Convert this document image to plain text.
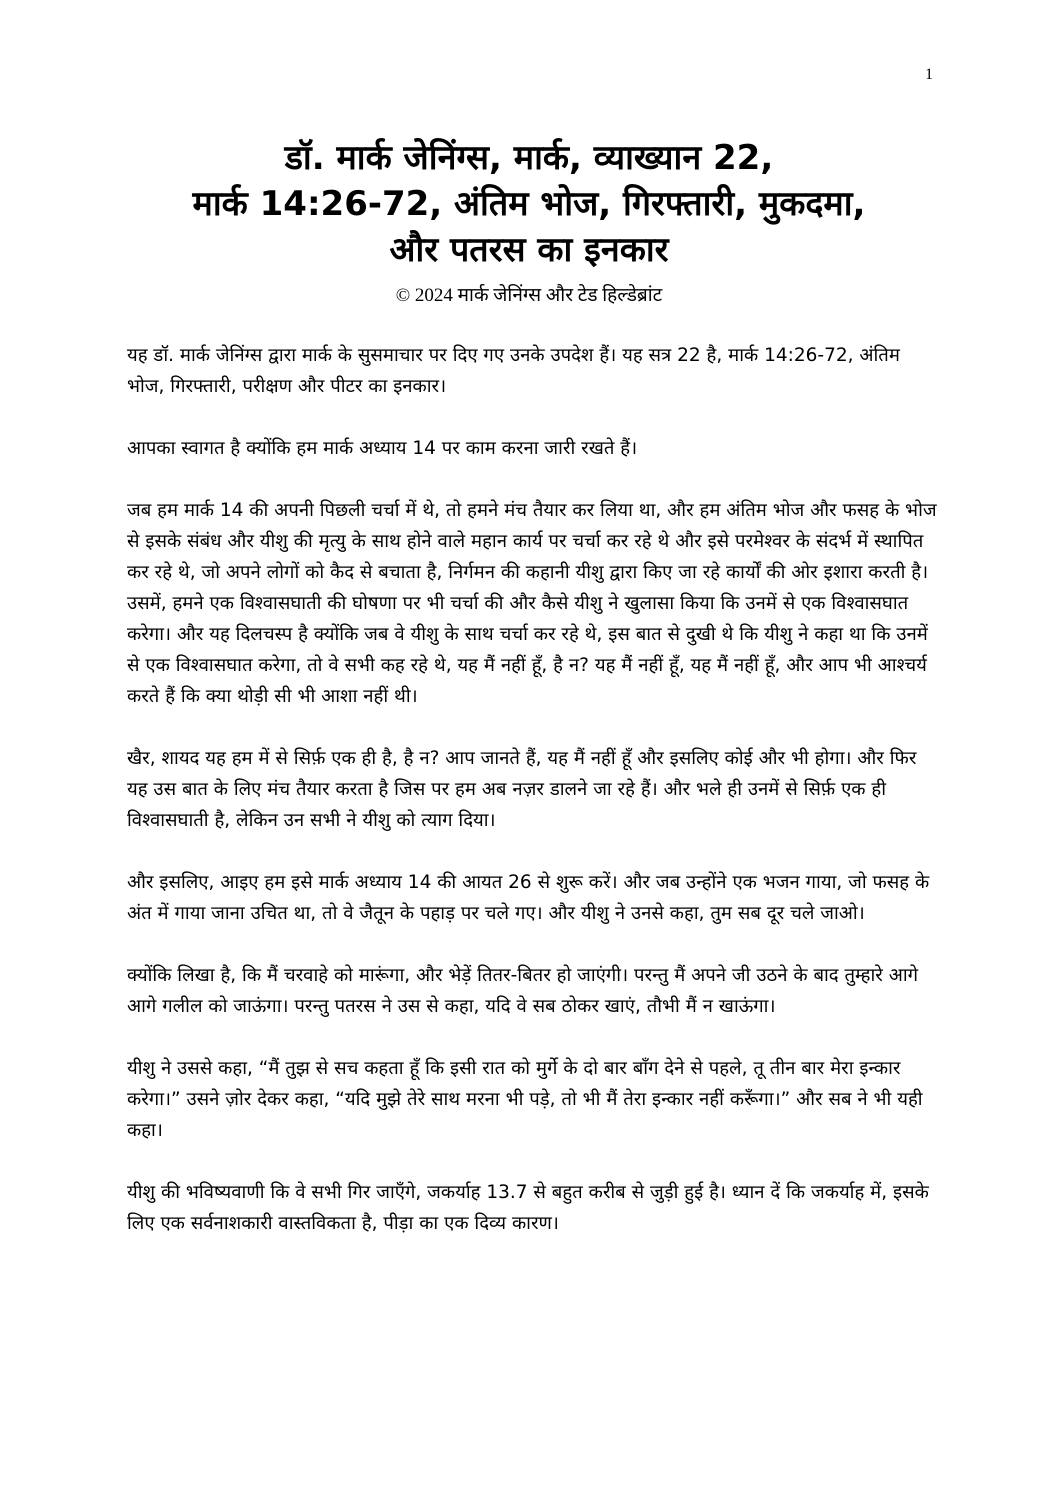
1
डॉ. मार्क जेनिंग्स, मार्क, व्याख्यान 22,
मार्क 14:26-72, अंतिम भोज, गिरफ्तारी, मुकदमा,
और पतरस का इनकार
© 2024 मार्क जेनिंग्स और टेड हिल्डेब्रांट

यह डॉ. मार्क जेनिंग्स द्वारा मार्क के सुसमाचार पर दिए गए उनके उपदेश हैं। यह सत्र 22 है, मार्क 14:26-72, अंतिम भोज, गिरफ्तारी, परीक्षण और पीटर का इनकार।

आपका स्वागत है क्योंकि हम मार्क अध्याय 14 पर काम करना जारी रखते हैं।

जब हम मार्क 14 की अपनी पिछली चर्चा में थे, तो हमने मंच तैयार कर लिया था, और हम अंतिम भोज और फसह के भोज से इसके संबंध और यीशु की मृत्यु के साथ होने वाले महान कार्य पर चर्चा कर रहे थे और इसे परमेश्वर के संदर्भ में स्थापित कर रहे थे, जो अपने लोगों को कैद से बचाता है, निर्गमन की कहानी यीशु द्वारा किए जा रहे कार्यों की ओर इशारा करती है। उसमें, हमने एक विश्वासघाती की घोषणा पर भी चर्चा की और कैसे यीशु ने खुलासा किया कि उनमें से एक विश्वासघात करेगा। और यह दिलचस्प है क्योंकि जब वे यीशु के साथ चर्चा कर रहे थे, इस बात से दुखी थे कि यीशु ने कहा था कि उनमें से एक विश्वासघात करेगा, तो वे सभी कह रहे थे, यह मैं नहीं हूँ, है न? यह मैं नहीं हूँ, यह मैं नहीं हूँ, और आप भी आश्चर्य करते हैं कि क्या थोड़ी सी भी आशा नहीं थी।

खैर, शायद यह हम में से सिर्फ़ एक ही है, है न? आप जानते हैं, यह मैं नहीं हूँ और इसलिए कोई और भी होगा। और फिर यह उस बात के लिए मंच तैयार करता है जिस पर हम अब नज़र डालने जा रहे हैं। और भले ही उनमें से सिर्फ़ एक ही विश्वासघाती है, लेकिन उन सभी ने यीशु को त्याग दिया।

और इसलिए, आइए हम इसे मार्क अध्याय 14 की आयत 26 से शुरू करें। और जब उन्होंने एक भजन गाया, जो फसह के अंत में गाया जाना उचित था, तो वे जैतून के पहाड़ पर चले गए। और यीशु ने उनसे कहा, तुम सब दूर चले जाओ।

क्योंकि लिखा है, कि मैं चरवाहे को मारूंगा, और भेड़ें तितर-बितर हो जाएंगी। परन्तु मैं अपने जी उठने के बाद तुम्हारे आगे आगे गलील को जाऊंगा। परन्तु पतरस ने उस से कहा, यदि वे सब ठोकर खाएं, तौभी मैं न खाऊंगा।

यीशु ने उससे कहा, “मैं तुझ से सच कहता हूँ कि इसी रात को मुर्गे के दो बार बाँग देने से पहले, तू तीन बार मेरा इन्कार करेगा।” उसने ज़ोर देकर कहा, “यदि मुझे तेरे साथ मरना भी पड़े, तो भी मैं तेरा इन्कार नहीं करूँगा।” और सब ने भी यही कहा।

यीशु की भविष्यवाणी कि वे सभी गिर जाएँगे, जकर्याह 13.7 से बहुत करीब से जुड़ी हुई है। ध्यान दें कि जकर्याह में, इसके लिए एक सर्वनाशकारी वास्तविकता है, पीड़ा का एक दिव्य कारण।
